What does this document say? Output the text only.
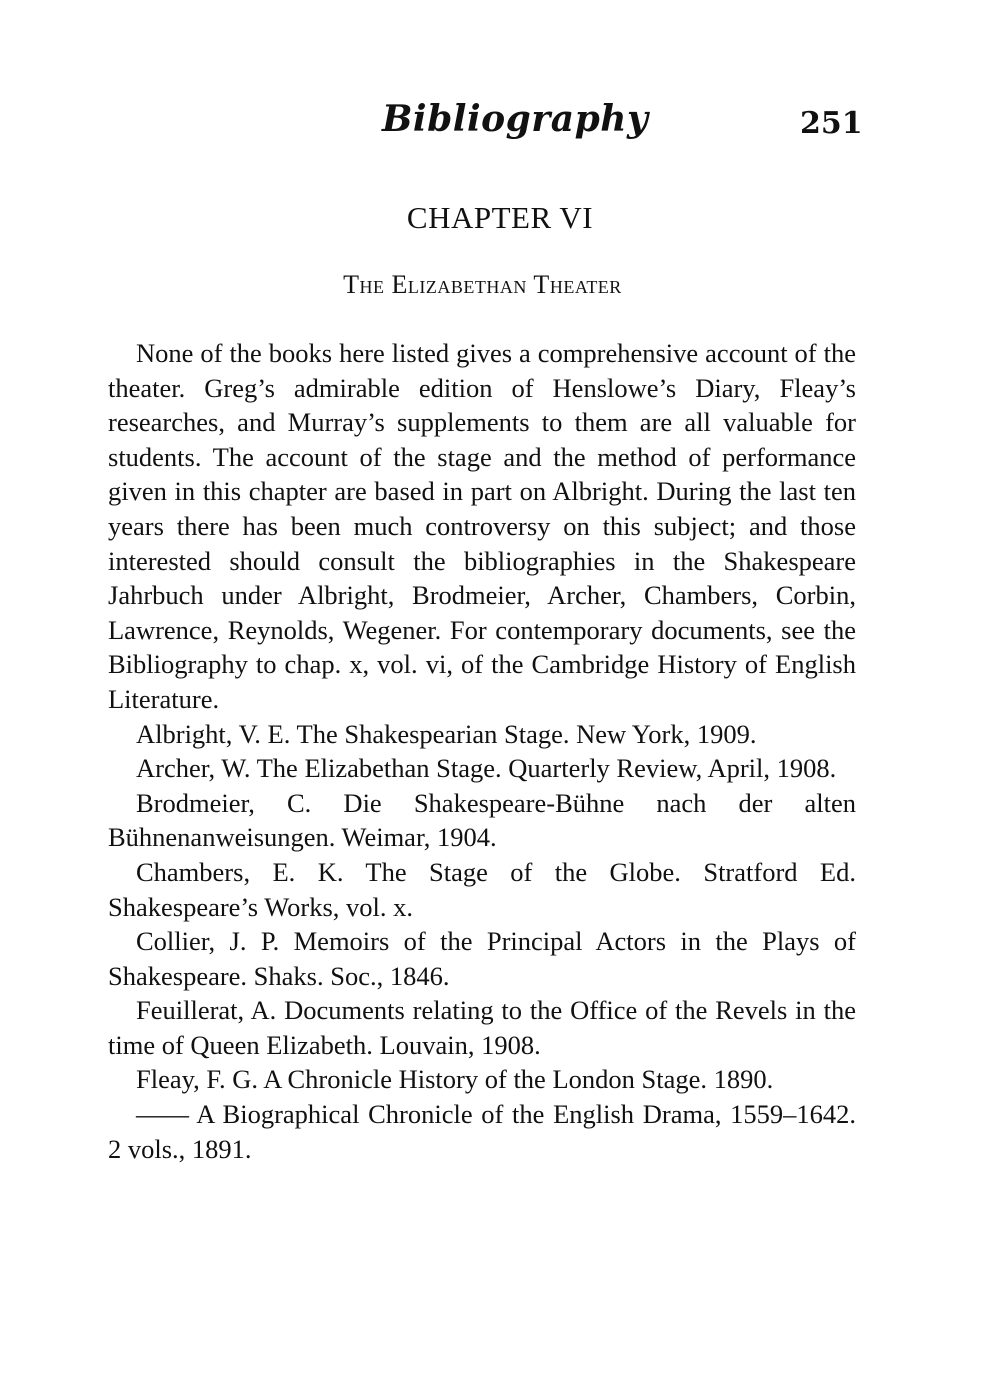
Bibliography	251
CHAPTER VI
The Elizabethan Theater

None of the books here listed gives a comprehensive account of the theater. Greg’s admirable edition of Henslowe’s Diary, Fleay’s researches, and Murray’s supplements to them are all valuable for students. The account of the stage and the method of performance given in this chapter are based in part on Albright. During the last ten years there has been much controversy on this subject; and those interested should consult the bibliographies in the Shakespeare Jahrbuch under Albright, Brodmeier, Archer, Chambers, Corbin, Lawrence, Reynolds, Wegener. For contemporary documents, see the Bibliography to chap. x, vol. vi, of the Cambridge History of English Literature.

Albright, V. E. The Shakespearian Stage. New York, 1909.

Archer, W. The Elizabethan Stage. Quarterly Review, April, 1908.

Brodmeier, C. Die Shakespeare-Bühne nach der alten Bühnenanweisungen. Weimar, 1904.

Chambers, E. K. The Stage of the Globe. Stratford Ed. Shakespeare’s Works, vol. x.

Collier, J. P. Memoirs of the Principal Actors in the Plays of Shakespeare. Shaks. Soc., 1846.

Feuillerat, A. Documents relating to the Office of the Revels in the time of Queen Elizabeth. Louvain, 1908.

Fleay, F. G. A Chronicle History of the London Stage. 1890.

—— A Biographical Chronicle of the English Drama, 1559–1642. 2 vols., 1891.
